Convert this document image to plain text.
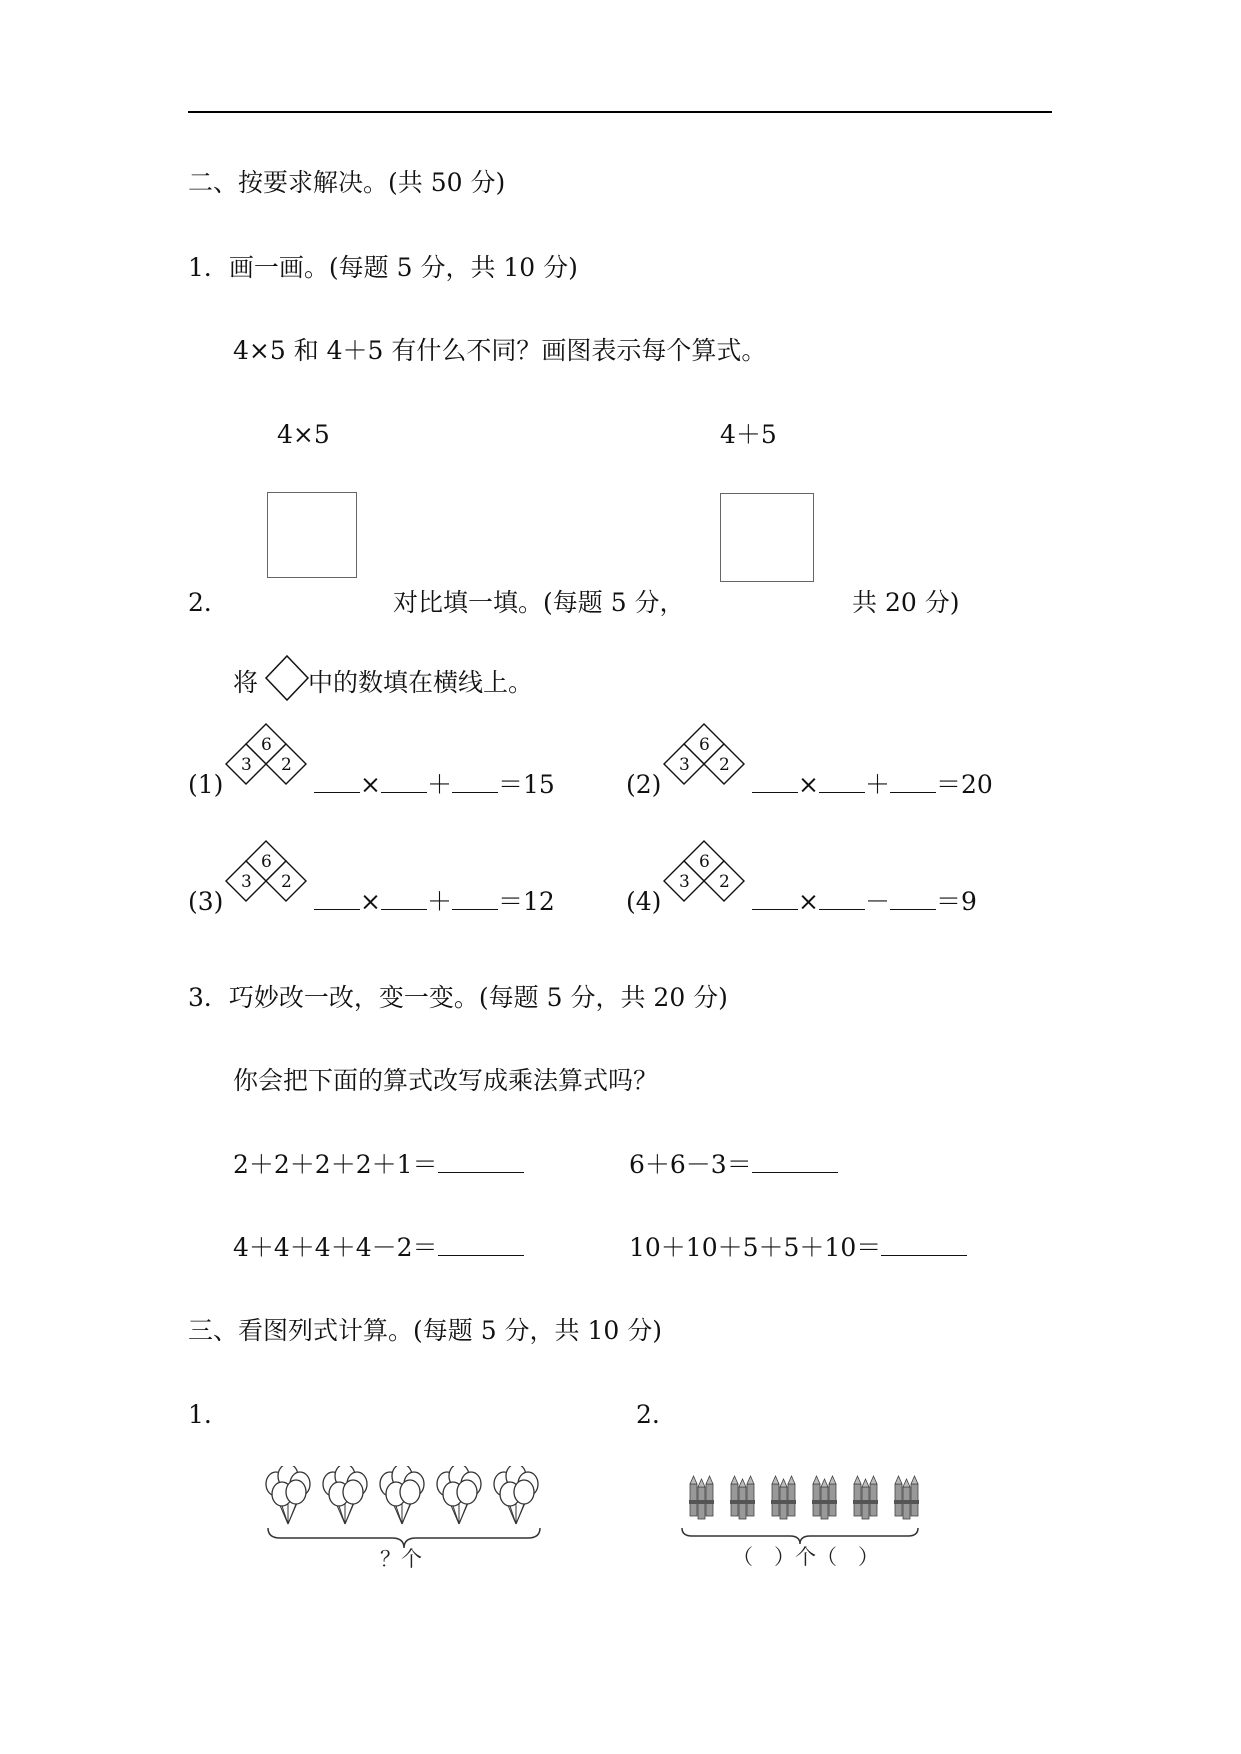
二、按要求解决。(共 50 分)
1．画一画。(每题 5 分，共 10 分)
4×5 和 4＋5 有什么不同？画图表示每个算式。
4×5	4＋5
2．	对比填一填。(每题 5 分，	共 20 分)
将 中的数填在横线上。
(1)
6
3 2
× ＋ ＝15	(2)
6
3 2
× ＋ ＝20
(3)
6
3 2
× ＋ ＝12	(4)
6
3 2
× － ＝9
3．巧妙改一改，变一变。(每题 5 分，共 20 分)
你会把下面的算式改写成乘法算式吗？
2＋2＋2＋2＋1＝	6＋6－3＝
4＋4＋4＋4－2＝	10＋10＋5＋5＋10＝
三、看图列式计算。(每题 5 分，共 10 分)
1.	2.
？个	（　）个（　）
